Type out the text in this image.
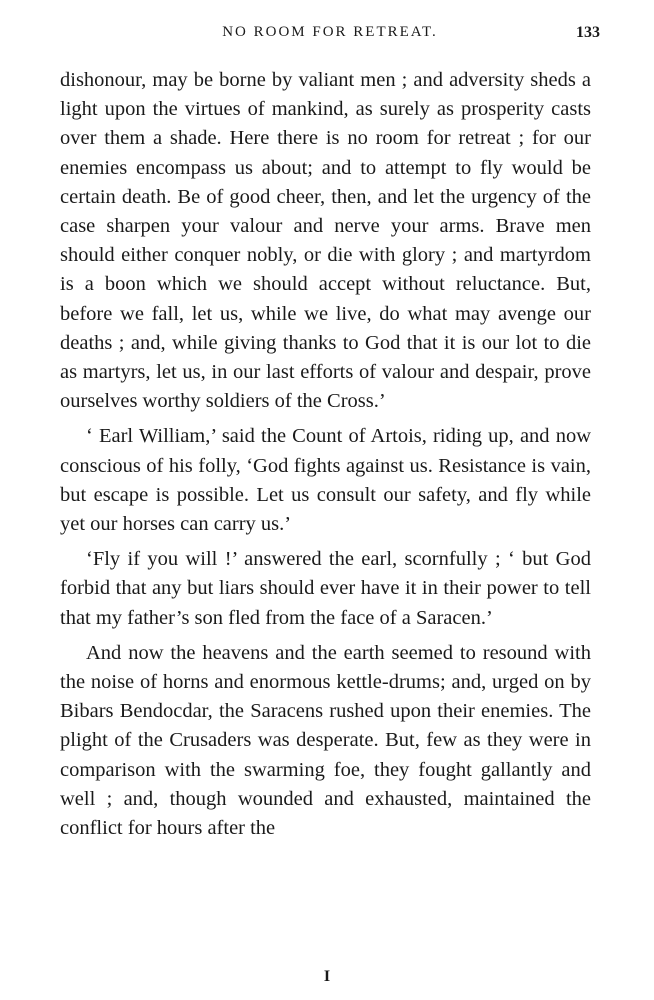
NO ROOM FOR RETREAT.	133

dishonour, may be borne by valiant men ; and adversity sheds a light upon the virtues of mankind, as surely as prosperity casts over them a shade. Here there is no room for retreat ; for our enemies encompass us about; and to attempt to fly would be certain death. Be of good cheer, then, and let the urgency of the case sharpen your valour and nerve your arms. Brave men should either conquer nobly, or die with glory ; and martyrdom is a boon which we should accept without reluctance. But, before we fall, let us, while we live, do what may avenge our deaths ; and, while giving thanks to God that it is our lot to die as martyrs, let us, in our last efforts of valour and despair, prove ourselves worthy soldiers of the Cross.’

‘ Earl William,’ said the Count of Artois, riding up, and now conscious of his folly, ‘God fights against us. Resistance is vain, but escape is possible. Let us consult our safety, and fly while yet our horses can carry us.’

‘Fly if you will !’ answered the earl, scornfully ; ‘ but God forbid that any but liars should ever have it in their power to tell that my father’s son fled from the face of a Saracen.’

And now the heavens and the earth seemed to resound with the noise of horns and enormous kettle-drums; and, urged on by Bibars Bendocdar, the Saracens rushed upon their enemies. The plight of the Crusaders was desperate. But, few as they were in comparison with the swarming foe, they fought gallantly and well ; and, though wounded and exhausted, maintained the conflict for hours after the

I
